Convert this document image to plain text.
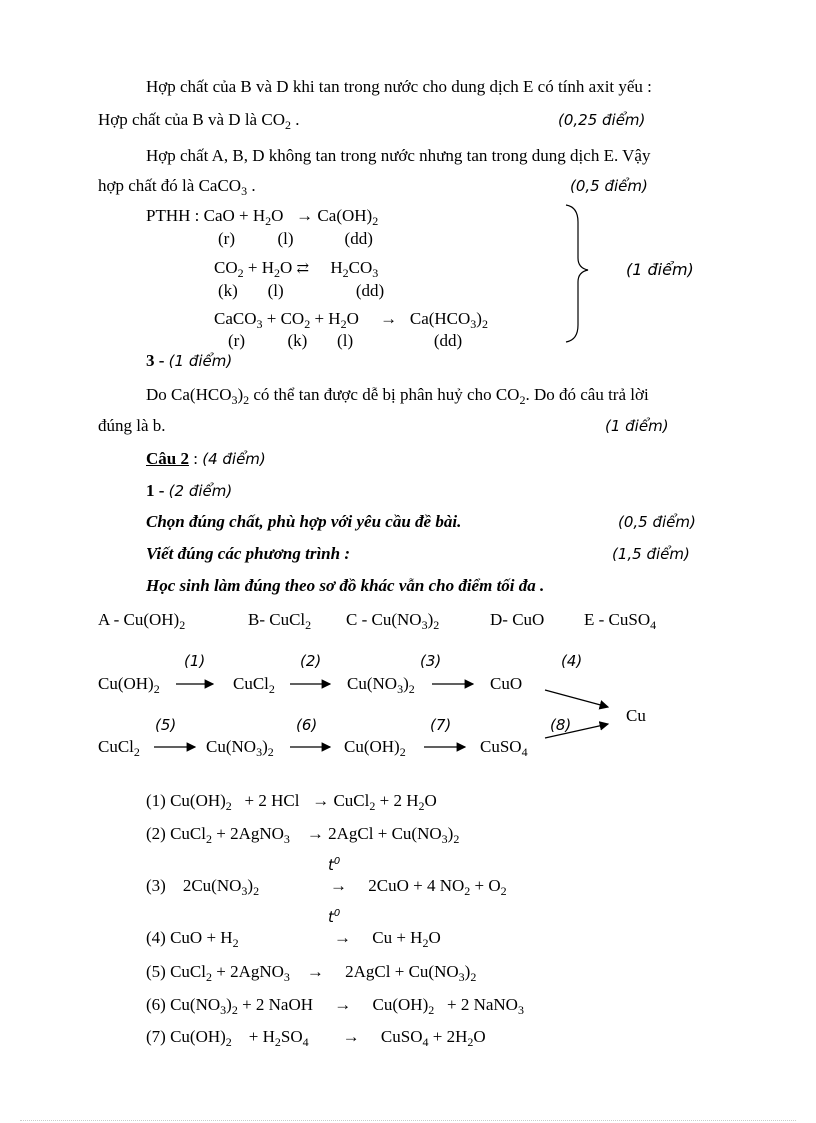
Hợp chất của B và D khi tan trong nước cho dung dịch E có tính axit yếu :
Hợp chất của B và D là $CO_2$ .	(0,25 điểm)
Hợp chất A, B, D không tan trong nước nhưng tan trong dung dịch E. Vậy
hợp chất đó là CaCO$_3$ .	(0,5 điểm)
PTHH : CaO + $H_2O \to Ca(OH)_2$
(r)          (l)            (dd)
$CO_2 + H_2O$ ⇄     $H_2CO_3$
(k)       (l)                 (dd)
CaCO$_3$ + $CO_2 + H_2O$     →   $Ca(HCO_3)_2$
(r)          (k)       (l)                   (dd)
(1 điểm)
3 - (1 điểm)
Do $Ca(HCO_3)_2$ có thể tan được dễ bị phân huỷ cho $CO_2$. Do đó câu trả lời
đúng là b.	(1 điểm)
Câu 2 : (4 điểm)
1 - (2 điểm)
Chọn đúng chất, phù hợp với yêu cầu đề bài.	(0,5 điểm)
Viết đúng các phương trình :	(1,5 điểm)
Học sinh làm đúng theo sơ đồ khác vẫn cho điểm tối đa .
A - $Cu(OH)_2$	B- CuCl$_2$ C - $Cu(NO_3)_2$	D- CuO E - CuSO$_4$
(1)	(2)	(3)	(4)
(5)	(6)	(7)	(8)
$Cu(OH)_2$	CuCl$_2$	$Cu(NO_3)_2$	CuO
Cu
CuCl$_2$	$Cu(NO_3)_2$	$Cu(OH)_2$	CuSO$_4$
(1) $Cu(OH)_2 + 2$ HCl   → CuCl$_2$ + 2 $H_2O$
(2) CuCl$_2$ + 2AgNO$_3$    → 2AgCl + $Cu(NO_3)_2$
$t^0$
(3)    $2Cu(NO_3)_2$	→     2CuO + 4 $NO_2 + O_2$
$t^0$
(4) CuO + $H_2$	→     $Cu + H_2O$
(5) CuCl$_2$ + 2AgNO$_3$    →     2AgCl + $Cu(NO_3)_2$
(6) $Cu(NO_3)_2 + 2$ NaOH     →     $Cu(OH)_2 + 2$ NaNO$_3$
(7) $Cu(OH)_2$    + $H_2SO_4$        →     CuSO$_4$ + $2H_2O$
